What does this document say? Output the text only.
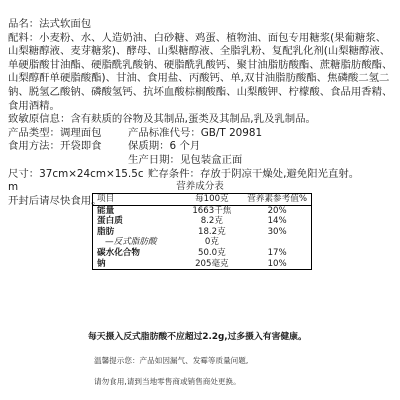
品名：法式软面包

配料：小麦粉、水、人造奶油、白砂糖、鸡蛋、植物油、面包专用糖浆(果葡糖浆、山梨糖醇液、麦芽糖浆)、酵母、山梨糖醇液、全脂乳粉、复配乳化剂(山梨糖醇液、单硬脂酸甘油酯、硬脂酰乳酸钠、硬脂酰乳酸钙、聚甘油脂肪酸酯、蔗糖脂肪酸酯、山梨醇酐单硬脂酸酯)、甘油、食用盐、丙酸钙、单,双甘油脂肪酸酯、焦磷酸二氢二钠、脱氢乙酸钠、磷酸氢钙、抗坏血酸棕榈酸酯、山梨酸钾、柠檬酸、食品用香精、食用酒精。

致敏原信息：含有麸质的谷物及其制品,蛋类及其制品,乳及乳制品。

产品类型：调理面包	产品标准代号：GB/T 20981

食用方法：开袋即食	保质期：6 个月

生产日期：见包装盒正面

尺寸：37cm×24cm×15.5cm
贮存条件：存放于阴凉干燥处,避免阳光直射。

开封后请尽快食用。

营养成分表
项目	每100克	营养素参考值%
能量	1663千焦	20%
蛋白质	8.2克	14%
脂肪	18.2克	30%
—反式脂肪酸	0克	
碳水化合物	50.0克	17%
钠	205毫克	10%
每天摄入反式脂肪酸不应超过2.2g,过多摄入有害健康。
温馨提示您：产品如因漏气、发霉等质量问题,
请勿食用,请到当地零售商或销售商处更换。
